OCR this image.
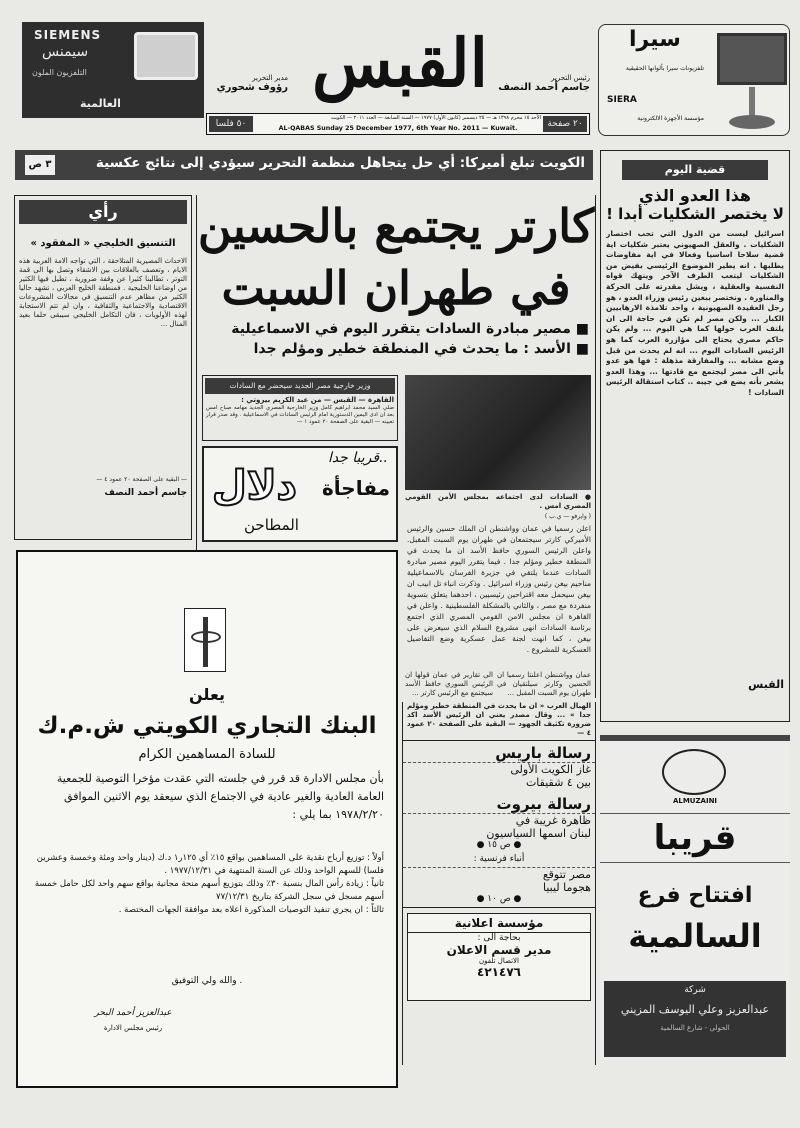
SIEMENS
سيمنس
التلفزيون الملون
العالمية
رئيس التحرير
جاسم أحمد النصف
مدير التحرير
رؤوف شحوري القبس
٢٠ صفحة
٥٠ فلسا
الأحد ١٥ محرم ١٣٩٨ هـ — ٢٥ ديسمبر (كانون الأول) ١٩٧٧ — السنة السابعة — العدد ٢٠١١ — الكويت
AL-QABAS Sunday 25 December 1977, 6th Year No. 2011 — Kuwait.
سيرا
تلفزيونات سيرا بألوانها الحقيقية
SIERA
مؤسسة الأجهزة الالكترونية
الكويت تبلغ أميركا: أي حل يتجاهل منظمة التحرير سيؤدي إلى نتائج عكسية
٣ ص
رأي
التنسيق الخليجي « المفقود »
الاحداث المصيرية المتلاحقة ، التي تواجه الامة العربية هذه الايام ، وتعصف بالعلاقات بين الاشقاء وتصل بها الى قمة التوتر ، تطالبنا كثيرا عن وقفة ضرورية ، تطيل فيها الكثير من اوضاعنا الخليجية . فمنطقة الخليج العربي ، تشهد حاليا الكثير من مظاهر عدم التنسيق في مجالات المشروعات الاقتصادية والاجتماعية والثقافية ، وان لم تتم الاستجابة لهذه الأولويات ، فان التكامل الخليجي سيبقى حلما بعيد المنال ...
— البقية على الصفحة ٢٠ عمود ٤ —
جاسم أحمد النصف
كارتر يجتمع بالحسين
في طهران السبت
■ مصير مبادرة السادات يتقرر اليوم في الاسماعيلية
■ الأسد : ما يحدث في المنطقة خطير ومؤلم جدا
● السادات لدى اجتماعه بمجلس الأمن القومي المصري امس .
( وايرفو — ي.ب )
اعلن رسميا في عمان وواشنطن ان الملك حسين والرئيس الأميركي كارتر سيجتمعان في طهران يوم السبت المقبل. واعلن الرئيس السوري حافظ الأسد ان ما يحدث في المنطقة خطير ومؤلم جدا . فيما يتقرر اليوم مصير مبادرة السادات عندما يلتقي في جزيرة الفرسان بالاسماعيلية مناحيم بيغن رئيس وزراء اسرائيل . وذكرت انباء تل ابيب ان بيغن سيحمل معه اقتراحين رئيسيين ، احدهما يتعلق بتسوية منفردة مع مصر ، والثاني بالمشكلة الفلسطينية . واعلن في القاهرة ان مجلس الامن القومي المصري الذي اجتمع برئاسة السادات انهى مشروع السلام الذي سيعرض على بيغن ، كما انهت لجنة عمل عسكرية وضع التفاصيل العسكرية للمشروع .
عمان وواشنطن اعلنتا رسميا ان الحسين وكارتر سيلتقيان في طهران يوم السبت المقبل ...
الى تقارير في عمان قولها ان الرئيس السوري حافظ الأسد سيجتمع مع الرئيس كارتر ...
وزير خارجية مصر الجديد سيحضر مع السادات
القاهرة — القبس — من عبد الكريم بيروتي :
ضلي السيد محمد ابراهيم كامل وزير الخارجية المصري الجديد مهامه صباح امس بعد ان ادى اليمين الدستورية امام الرئيس السادات في الاسماعيلية . وقد صدر قرار تعيينه — البقية على الصفحة ٢٠ عمود ١ —
قريبا جدا..
دلال مفاجأة
المطاحن
قضية اليوم
هذا العدو الذي
لا يختصر الشكليات أبدا !
اسرائيل ليست من الدول التي تحب اختصار الشكليات . والعقل الصهيوني يعتبر شكليات اية قضية سلاحا اساسيا وفعالا في اية مفاوضات يطلبها . انه يطير الموضوع الرئيسي بفيض من الشكليات ليتعب الطرف الآخر وينهك قواه النفسية والعقلية ، ويشل مقدرته على الحركة والمناورة . ونختصر ببغين رئيس وزراء العدو ، هو رجل العقيدة الصهيونية ، واحد تلامذة الارهابيين الكبار ... ولكن مصر لم تكن في حاجة الى ان يلتف العرب حولها كما هي اليوم ... ولم يكن حاكم مصري يحتاج الى مؤازرة العرب كما هو الرئيس السادات اليوم ... انه لم يحدث من قبل وضع مشابه ... والمفارقة مذهلة : فها هو عدو يأتي الى مصر ليجتمع مع قادتها ... وهذا العدو يشعر بأنه يضع في جيبه .. كتاب استقالة الرئيس السادات !
القبس
يعلن
البنك التجاري الكويتي ش.م.ك
للسادة المساهمين الكرام
بأن مجلس الادارة قد قرر في جلسته التي عقدت مؤخرا التوصية للجمعية العامة العادية والغير عادية في الاجتماع الذي سيعقد يوم الاثنين الموافق ١٩٧٨/٢/٢٠ بما يلي :
أولاً : توزيع أرباح نقدية على المساهمين بواقع ١٥٪ أي ١٢٥ر١ د.ك (دينار واحد ومئة وخمسة وعشرين فلسا) للسهم الواحد وذلك عن السنة المنتهية في ١٩٧٧/١٢/٣١ .
ثانياً : زيادة رأس المال بنسبة ٣٠٪ وذلك بتوزيع أسهم منحة مجانية بواقع سهم واحد لكل حامل خمسة أسهم مسجل في سجل الشركة بتاريخ ٧٧/١٢/٣١
ثالثاً : ان يجري تنفيذ التوصيات المذكورة اعلاه بعد موافقة الجهات المختصة .
والله ولي التوفيق .
عبدالعزيز أحمد البحر
رئيس مجلس الادارة
الهبال العرب « ان ما يحدث في المنطقة خطير ومؤلم جدا » ... وقال مصدر يعني ان الرئيس الأسد اكد ضرورة تكثيف الجهود — البقية على الصفحة ٢٠ عمود ٤ —
رسالة باريس
غاز الكويت الأولى
بين ٤ شقيقات
رسالة بيروت
ظاهرة غريبة في
لبنان اسمها السياسيون
● ص ١٥ ●
أنباء فرنسية :
مصر تتوقع
هجوما ليبيا
● ص ١٠ ●
مؤسسة اعلانية
بحاجة الى :
مدير قسم الاعلان
الاتصال تلفون
٤٢١٤٧٦
ALMUZAINI
قريبا
افتتاح فرع
السالمية
شركة
عبدالعزيز وعلي اليوسف المزيني
الحولي - شارع السالمية
